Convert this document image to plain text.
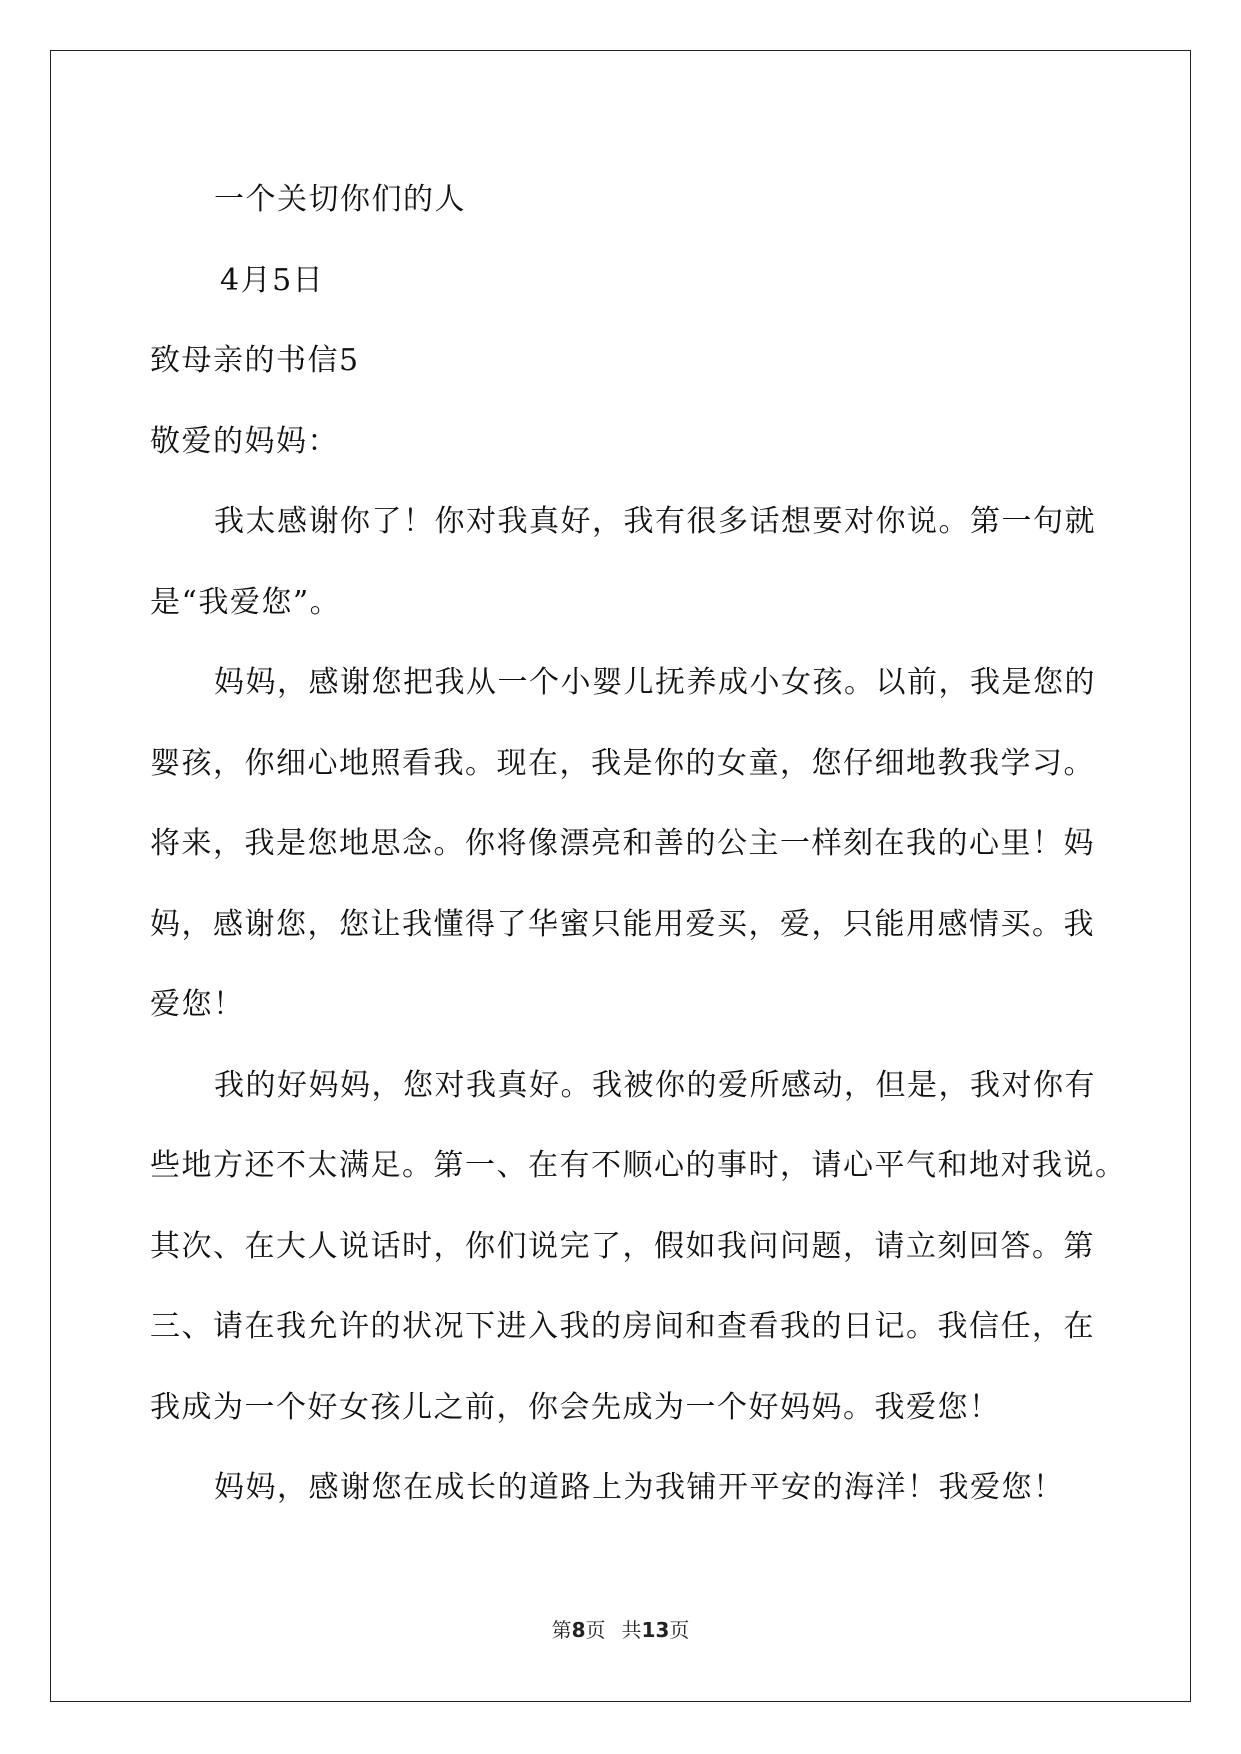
一个关切你们的人

4月5日

致母亲的书信5

敬爱的妈妈：

我太感谢你了！你对我真好，我有很多话想要对你说。第一句就

是“我爱您”。

妈妈，感谢您把我从一个小婴儿抚养成小女孩。以前，我是您的

婴孩，你细心地照看我。现在，我是你的女童，您仔细地教我学习。

将来，我是您地思念。你将像漂亮和善的公主一样刻在我的心里！妈

妈，感谢您，您让我懂得了华蜜只能用爱买，爱，只能用感情买。我

爱您！

我的好妈妈，您对我真好。我被你的爱所感动，但是，我对你有

些地方还不太满足。第一、在有不顺心的事时，请心平气和地对我说。

其次、在大人说话时，你们说完了，假如我问问题，请立刻回答。第

三、请在我允许的状况下进入我的房间和查看我的日记。我信任，在

我成为一个好女孩儿之前，你会先成为一个好妈妈。我爱您！

妈妈，感谢您在成长的道路上为我铺开平安的海洋！我爱您！

第8页 共13页
